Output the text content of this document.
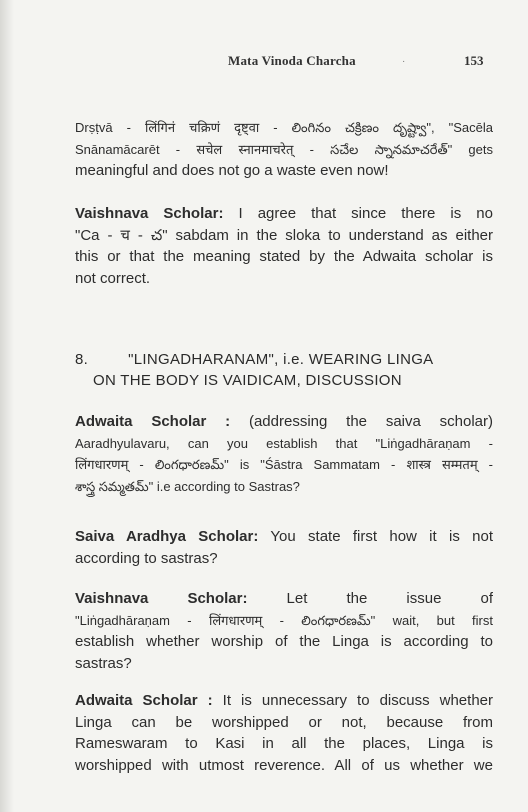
Mata Vinoda Charcha	·	153
Drṣṭvā - लिंगिनं चक्रिणं दृष्ट्वा - లింగినం చక్రిణం దృష్ట్వా", "Sacēla
Snānamācarēt - सचेल स्नानमाचरेत् - సచేల స్నానమాచరేత్" gets
meaningful and does not go a waste even now!
Vaishnava Scholar: I agree that since there is no
"Ca - च - చ" sabdam in the sloka to understand as either
this or that the meaning stated by the Adwaita scholar is
not correct.
8.	"LINGADHARANAM", i.e. WEARING LINGA
ON THE BODY IS VAIDICAM, DISCUSSION
Adwaita Scholar : (addressing the saiva scholar)
Aaradhyulavaru, can you establish that "Liṅgadhāraṇam -
लिंगधारणम् - లింగధారణమ్" is "Śāstra Sammatam - शास्त्र सम्मतम् -
శాస్త్ర సమ్మతమ్" i.e according to Sastras?
Saiva Aradhya Scholar: You state first how it is not
according to sastras?
Vaishnava Scholar:	Let the issue of
"Liṅgadhāraṇam - लिंगधारणम् - లింగధారణమ్" wait, but first
establish whether worship of the Linga is according to
sastras?
Adwaita Scholar : It is unnecessary to discuss whether
Linga can be worshipped or not, because from
Rameswaram to Kasi in all the places, Linga is
worshipped with utmost reverence. All of us whether we
